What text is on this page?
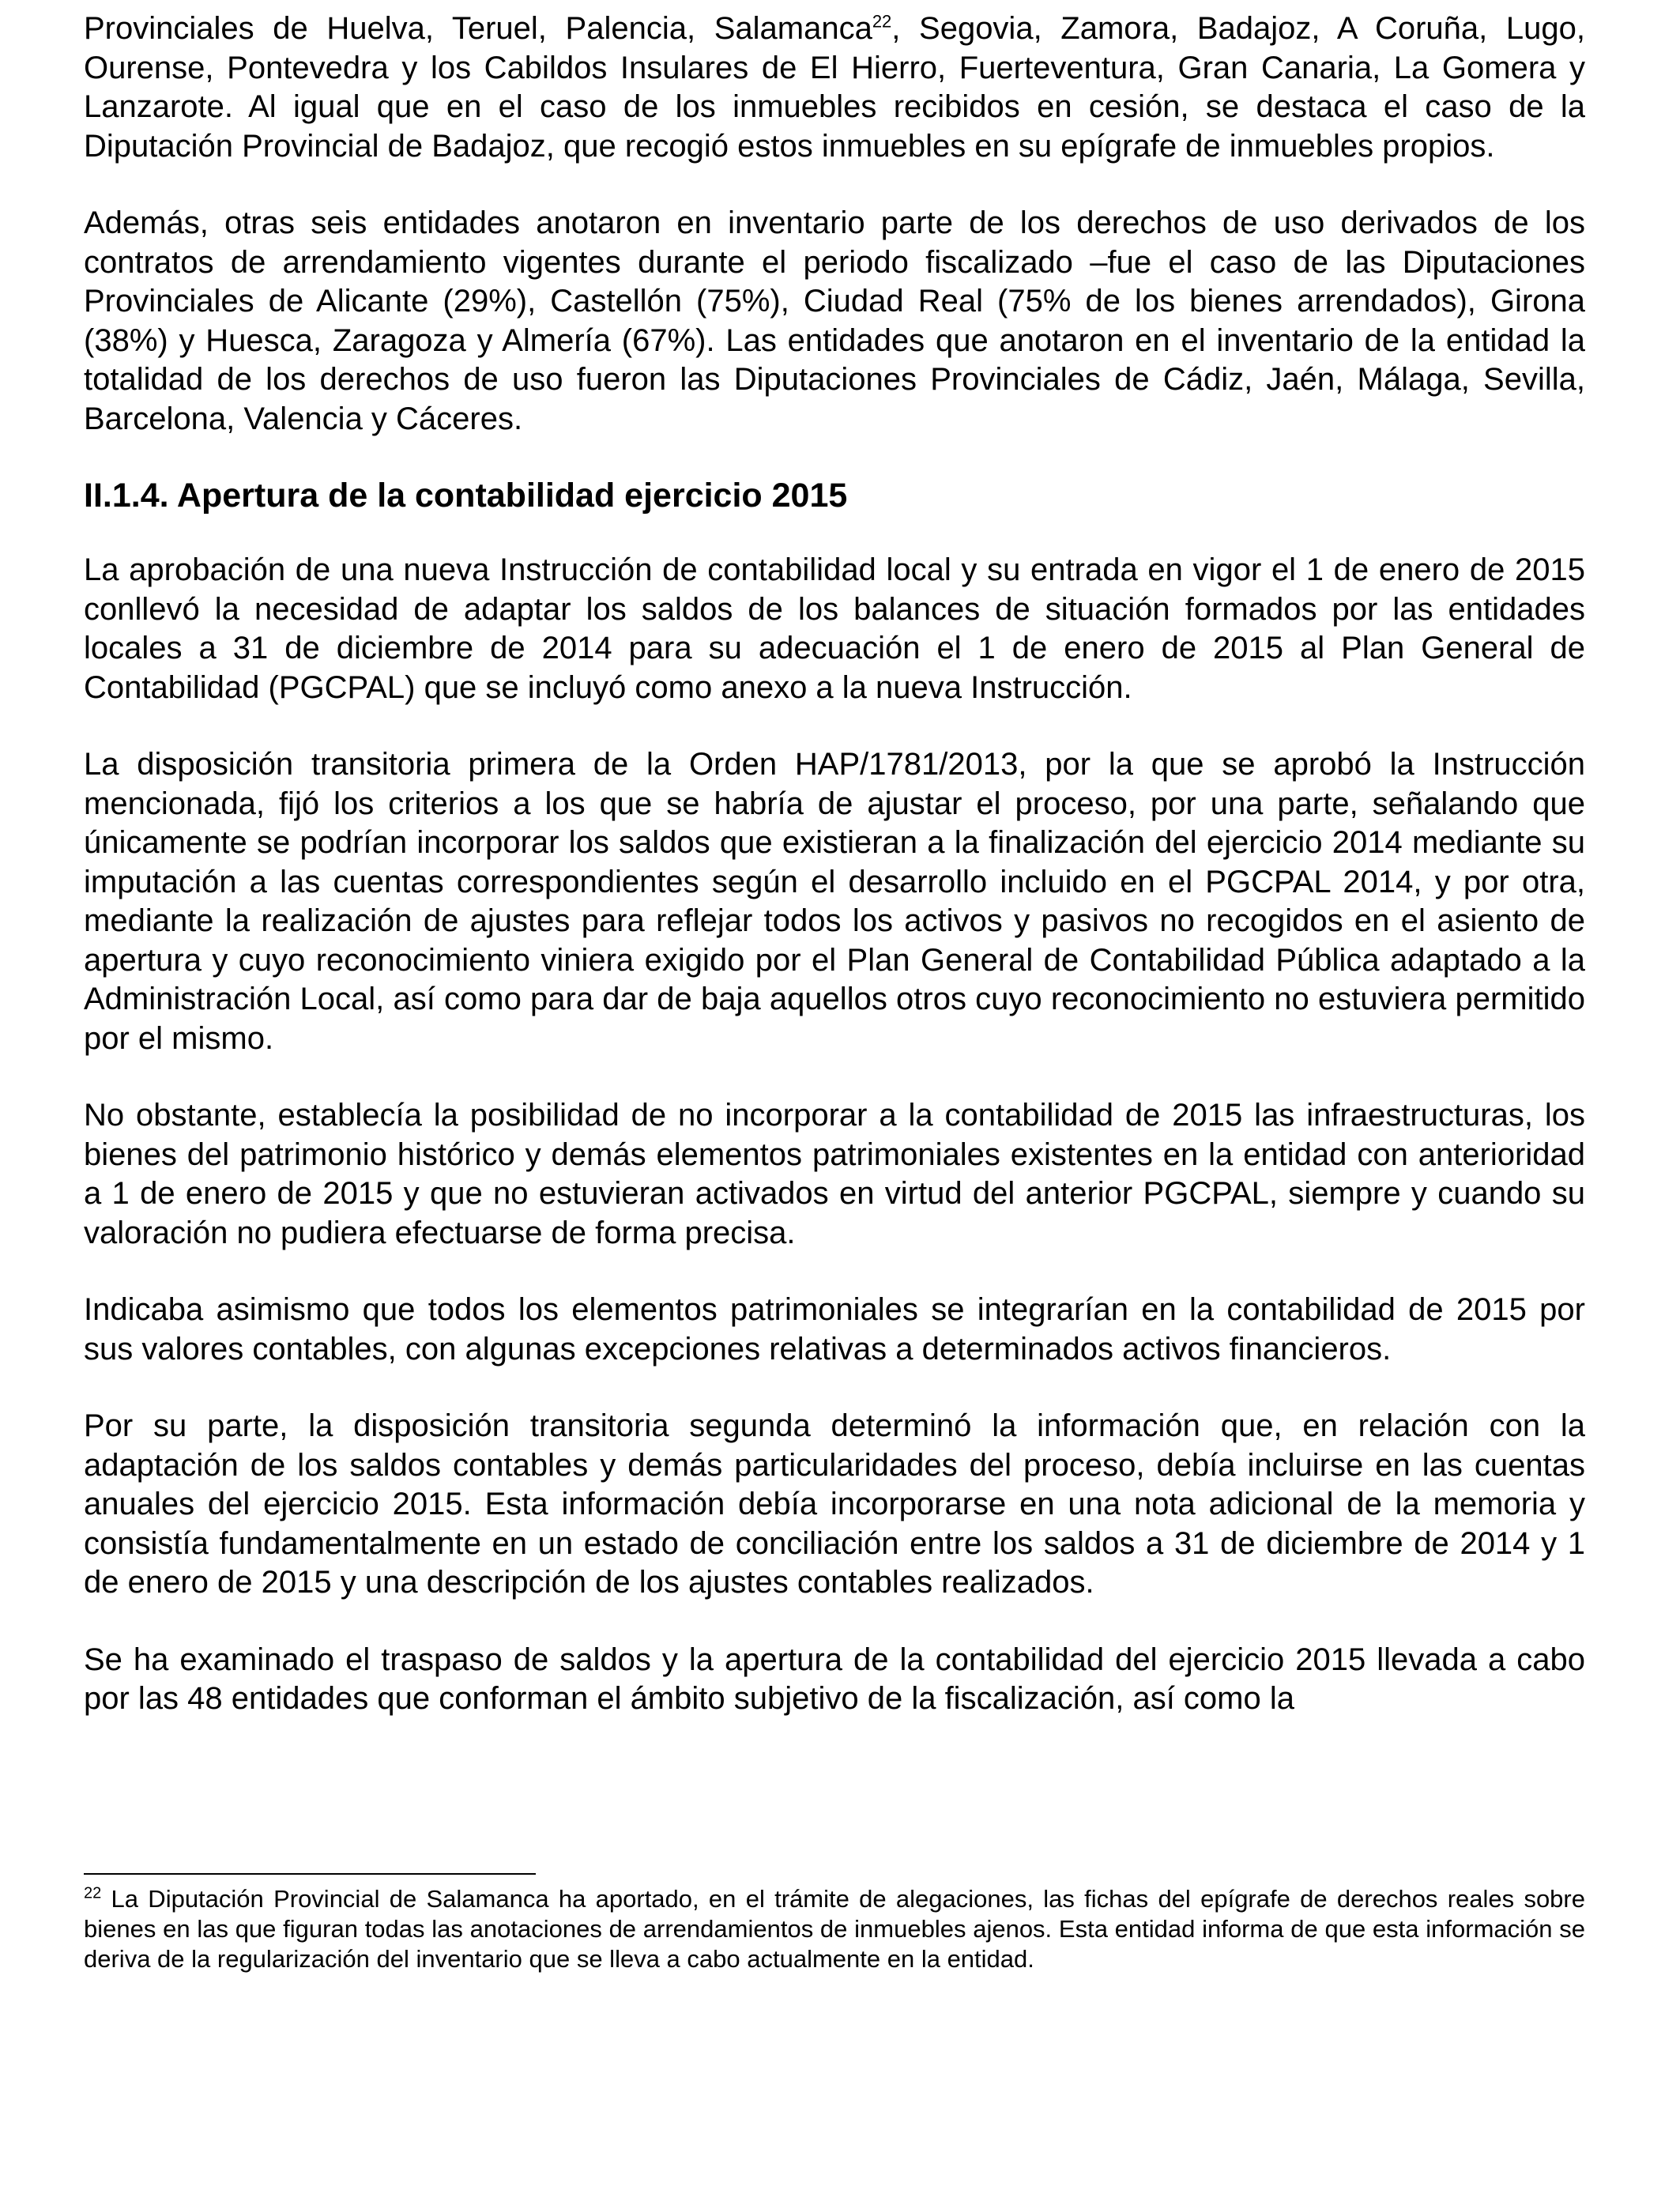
Provinciales de Huelva, Teruel, Palencia, Salamanca$^{22}$, Segovia, Zamora, Badajoz, A Coruña, Lugo, Ourense, Pontevedra y los Cabildos Insulares de El Hierro, Fuerteventura, Gran Canaria, La Gomera y Lanzarote. Al igual que en el caso de los inmuebles recibidos en cesión, se destaca el caso de la Diputación Provincial de Badajoz, que recogió estos inmuebles en su epígrafe de inmuebles propios.

Además, otras seis entidades anotaron en inventario parte de los derechos de uso derivados de los contratos de arrendamiento vigentes durante el periodo fiscalizado –fue el caso de las Diputaciones Provinciales de Alicante (29%), Castellón (75%), Ciudad Real (75% de los bienes arrendados), Girona (38%) y Huesca, Zaragoza y Almería (67%). Las entidades que anotaron en el inventario de la entidad la totalidad de los derechos de uso fueron las Diputaciones Provinciales de Cádiz, Jaén, Málaga, Sevilla, Barcelona, Valencia y Cáceres.

II.1.4. Apertura de la contabilidad ejercicio 2015

La aprobación de una nueva Instrucción de contabilidad local y su entrada en vigor el 1 de enero de 2015 conllevó la necesidad de adaptar los saldos de los balances de situación formados por las entidades locales a 31 de diciembre de 2014 para su adecuación el 1 de enero de 2015 al Plan General de Contabilidad (PGCPAL) que se incluyó como anexo a la nueva Instrucción.

La disposición transitoria primera de la Orden HAP/1781/2013, por la que se aprobó la Instrucción mencionada, fijó los criterios a los que se habría de ajustar el proceso, por una parte, señalando que únicamente se podrían incorporar los saldos que existieran a la finalización del ejercicio 2014 mediante su imputación a las cuentas correspondientes según el desarrollo incluido en el PGCPAL 2014, y por otra, mediante la realización de ajustes para reflejar todos los activos y pasivos no recogidos en el asiento de apertura y cuyo reconocimiento viniera exigido por el Plan General de Contabilidad Pública adaptado a la Administración Local, así como para dar de baja aquellos otros cuyo reconocimiento no estuviera permitido por el mismo.

No obstante, establecía la posibilidad de no incorporar a la contabilidad de 2015 las infraestructuras, los bienes del patrimonio histórico y demás elementos patrimoniales existentes en la entidad con anterioridad a 1 de enero de 2015 y que no estuvieran activados en virtud del anterior PGCPAL, siempre y cuando su valoración no pudiera efectuarse de forma precisa.

Indicaba asimismo que todos los elementos patrimoniales se integrarían en la contabilidad de 2015 por sus valores contables, con algunas excepciones relativas a determinados activos financieros.

Por su parte, la disposición transitoria segunda determinó la información que, en relación con la adaptación de los saldos contables y demás particularidades del proceso, debía incluirse en las cuentas anuales del ejercicio 2015. Esta información debía incorporarse en una nota adicional de la memoria y consistía fundamentalmente en un estado de conciliación entre los saldos a 31 de diciembre de 2014 y 1 de enero de 2015 y una descripción de los ajustes contables realizados.

Se ha examinado el traspaso de saldos y la apertura de la contabilidad del ejercicio 2015 llevada a cabo por las 48 entidades que conforman el ámbito subjetivo de la fiscalización, así como la

$^{22}$ La Diputación Provincial de Salamanca ha aportado, en el trámite de alegaciones, las fichas del epígrafe de derechos reales sobre bienes en las que figuran todas las anotaciones de arrendamientos de inmuebles ajenos. Esta entidad informa de que esta información se deriva de la regularización del inventario que se lleva a cabo actualmente en la entidad.
